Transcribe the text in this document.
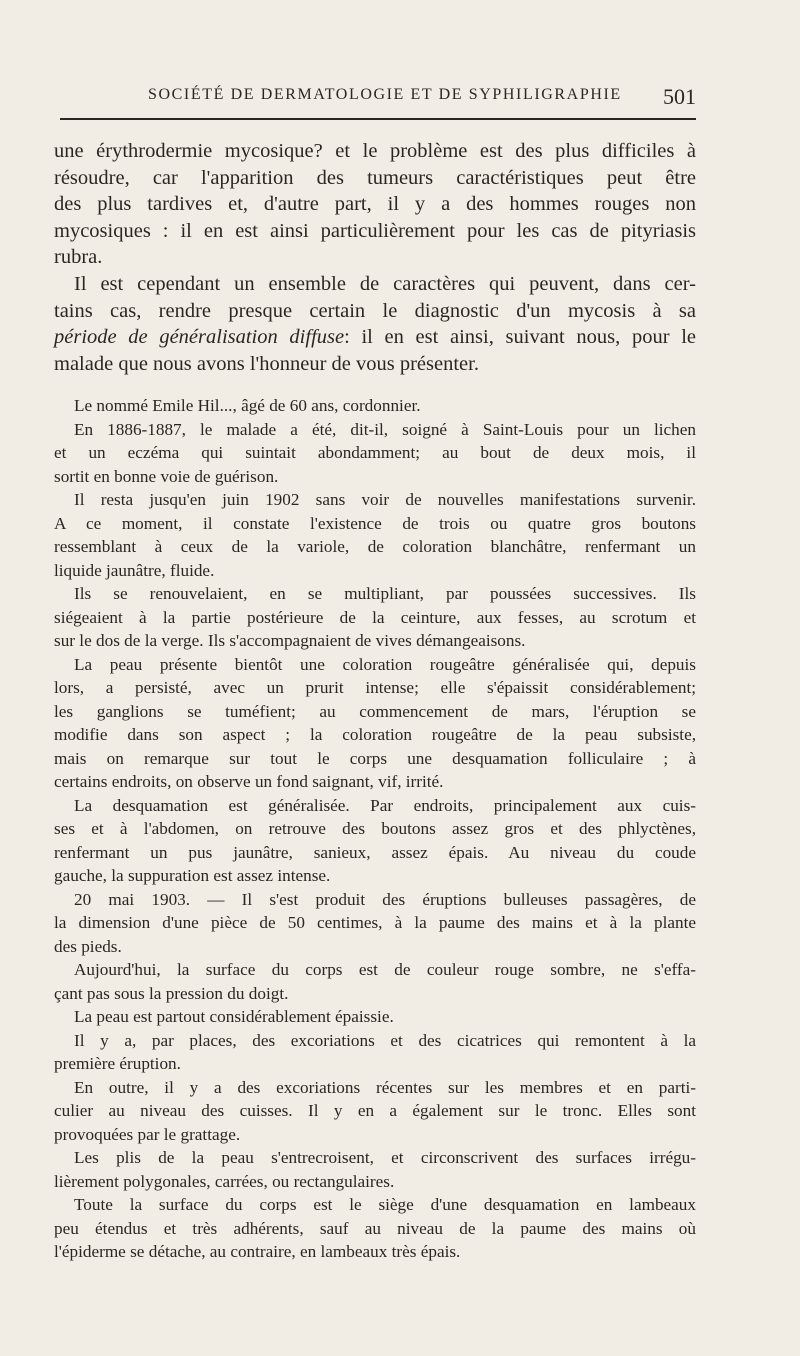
SOCIÉTÉ DE DERMATOLOGIE ET DE SYPHILIGRAPHIE 501
une érythrodermie mycosique? et le problème est des plus difficiles à
résoudre, car l'apparition des tumeurs caractéristiques peut être
des plus tardives et, d'autre part, il y a des hommes rouges non
mycosiques : il en est ainsi particulièrement pour les cas de pityriasis
rubra.
Il est cependant un ensemble de caractères qui peuvent, dans cer-
tains cas, rendre presque certain le diagnostic d'un mycosis à sa
période de généralisation diffuse: il en est ainsi, suivant nous, pour le
malade que nous avons l'honneur de vous présenter.
Le nommé Emile Hil..., âgé de 60 ans, cordonnier.
En 1886-1887, le malade a été, dit-il, soigné à Saint-Louis pour un lichen
et un eczéma qui suintait abondamment; au bout de deux mois, il
sortit en bonne voie de guérison.
Il resta jusqu'en juin 1902 sans voir de nouvelles manifestations survenir.
A ce moment, il constate l'existence de trois ou quatre gros boutons
ressemblant à ceux de la variole, de coloration blanchâtre, renfermant un
liquide jaunâtre, fluide.
Ils se renouvelaient, en se multipliant, par poussées successives. Ils
siégeaient à la partie postérieure de la ceinture, aux fesses, au scrotum et
sur le dos de la verge. Ils s'accompagnaient de vives démangeaisons.
La peau présente bientôt une coloration rougeâtre généralisée qui, depuis
lors, a persisté, avec un prurit intense; elle s'épaissit considérablement;
les ganglions se tuméfient; au commencement de mars, l'éruption se
modifie dans son aspect ; la coloration rougeâtre de la peau subsiste,
mais on remarque sur tout le corps une desquamation folliculaire ; à
certains endroits, on observe un fond saignant, vif, irrité.
La desquamation est généralisée. Par endroits, principalement aux cuis-
ses et à l'abdomen, on retrouve des boutons assez gros et des phlyctènes,
renfermant un pus jaunâtre, sanieux, assez épais. Au niveau du coude
gauche, la suppuration est assez intense.
20 mai 1903. — Il s'est produit des éruptions bulleuses passagères, de
la dimension d'une pièce de 50 centimes, à la paume des mains et à la plante
des pieds.
Aujourd'hui, la surface du corps est de couleur rouge sombre, ne s'effa-
çant pas sous la pression du doigt.
La peau est partout considérablement épaissie.
Il y a, par places, des excoriations et des cicatrices qui remontent à la
première éruption.
En outre, il y a des excoriations récentes sur les membres et en parti-
culier au niveau des cuisses. Il y en a également sur le tronc. Elles sont
provoquées par le grattage.
Les plis de la peau s'entrecroisent, et circonscrivent des surfaces irrégu-
lièrement polygonales, carrées, ou rectangulaires.
Toute la surface du corps est le siège d'une desquamation en lambeaux
peu étendus et très adhérents, sauf au niveau de la paume des mains où
l'épiderme se détache, au contraire, en lambeaux très épais.
